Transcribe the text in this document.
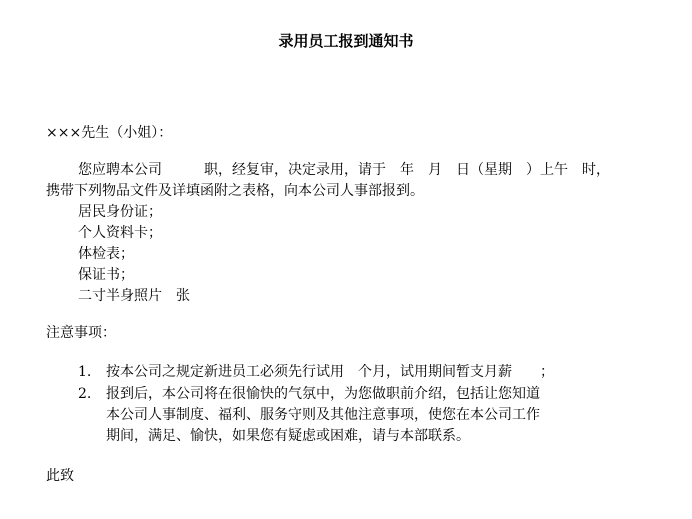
录用员工报到通知书
×××先生（小姐）：
您应聘本公司　　　职，经复审，决定录用，请于　年　月　日（星期　）上午　时，
携带下列物品文件及详填函附之表格，向本公司人事部报到。
居民身份证；
个人资料卡；
体检表；
保证书；
二寸半身照片　张
注意事项：
1. 按本公司之规定新进员工必须先行试用　个月，试用期间暂支月薪　　；
2. 报到后，本公司将在很愉快的气氛中，为您做职前介绍，包括让您知道
本公司人事制度、福利、服务守则及其他注意事项，使您在本公司工作
期间，满足、愉快，如果您有疑虑或困难，请与本部联系。
此致
